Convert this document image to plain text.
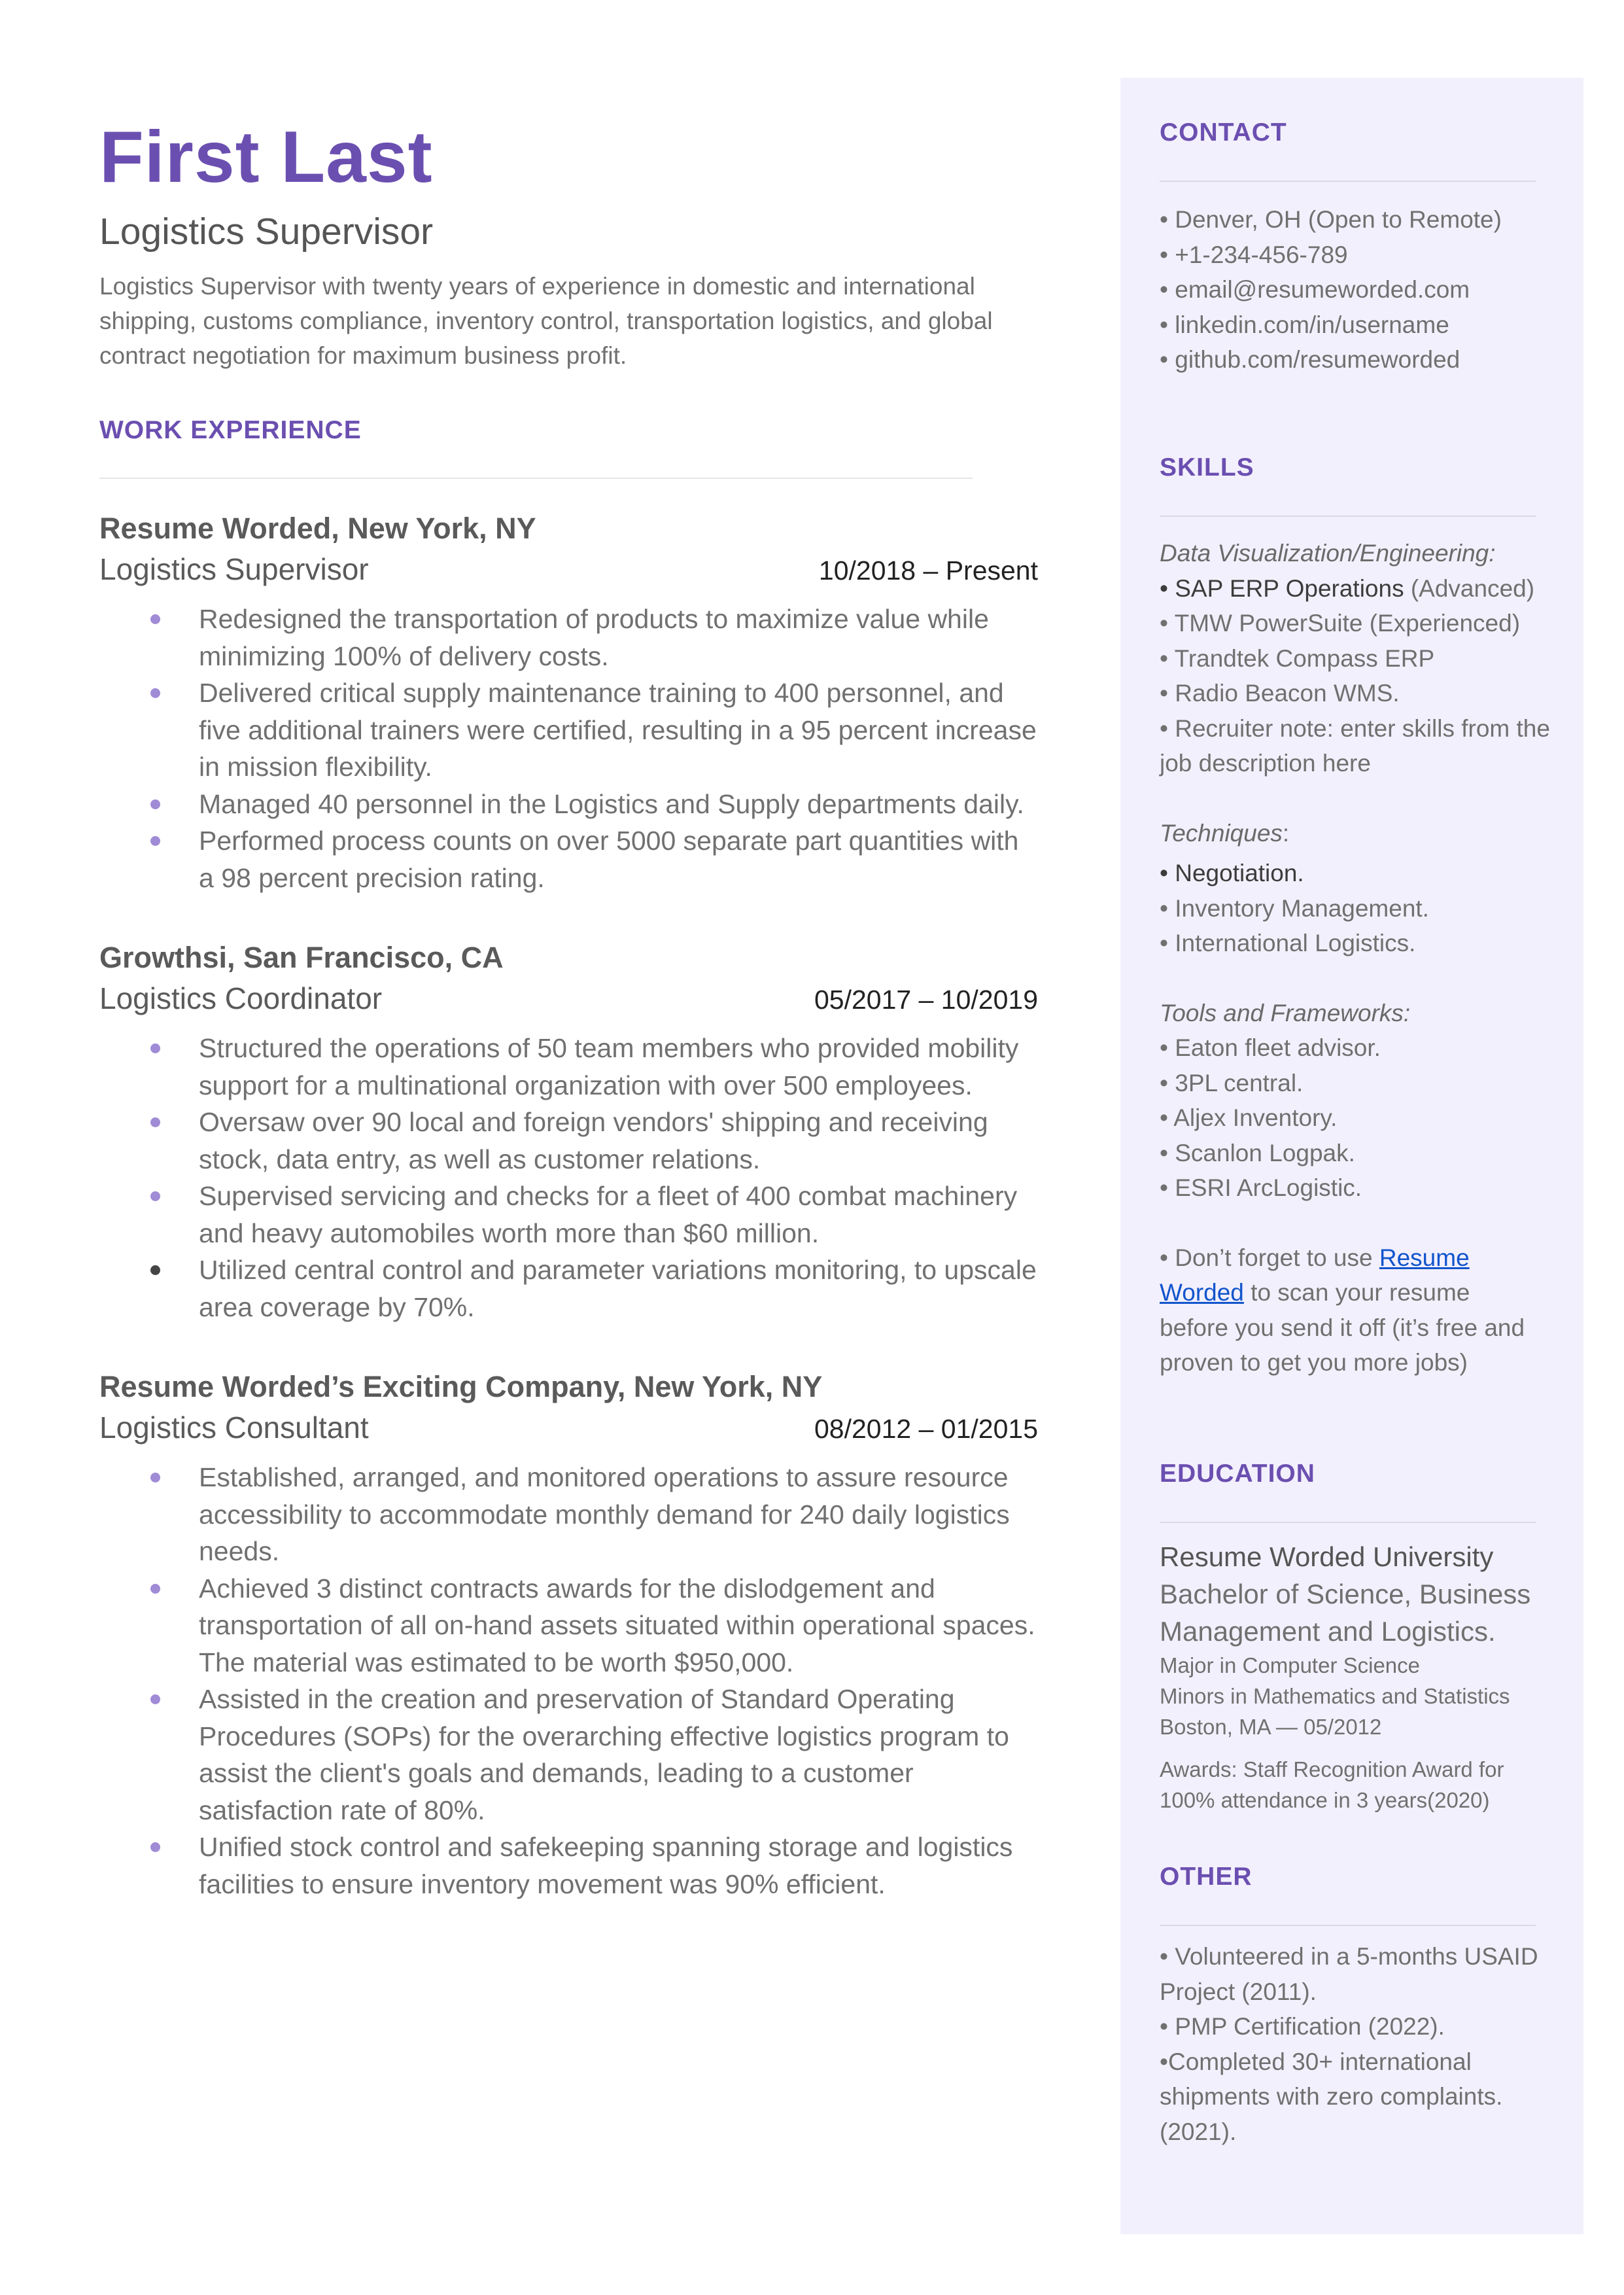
First Last
Logistics Supervisor
Logistics Supervisor with twenty years of experience in domestic and international shipping, customs compliance, inventory control, transportation logistics, and global contract negotiation for maximum business profit.
WORK EXPERIENCE
Resume Worded, New York, NY
Logistics Supervisor	10/2018 – Present
Redesigned the transportation of products to maximize value while minimizing 100% of delivery costs.
Delivered critical supply maintenance training to 400 personnel, and five additional trainers were certified, resulting in a 95 percent increase in mission flexibility.
Managed 40 personnel in the Logistics and Supply departments daily.
Performed process counts on over 5000 separate part quantities with a 98 percent precision rating.
Growthsi, San Francisco, CA
Logistics Coordinator	05/2017 – 10/2019
Structured the operations of 50 team members who provided mobility support for a multinational organization with over 500 employees.
Oversaw over 90 local and foreign vendors' shipping and receiving stock, data entry, as well as customer relations.
Supervised servicing and checks for a fleet of 400 combat machinery and heavy automobiles worth more than $60 million.
Utilized central control and parameter variations monitoring, to upscale area coverage by 70%.
Resume Worded’s Exciting Company, New York, NY
Logistics Consultant	08/2012 – 01/2015
Established, arranged, and monitored operations to assure resource accessibility to accommodate monthly demand for 240 daily logistics needs.
Achieved 3 distinct contracts awards for the dislodgement and transportation of all on-hand assets situated within operational spaces. The material was estimated to be worth $950,000.
Assisted in the creation and preservation of Standard Operating Procedures (SOPs) for the overarching effective logistics program to assist the client's goals and demands, leading to a customer satisfaction rate of 80%.
Unified stock control and safekeeping spanning storage and logistics facilities to ensure inventory movement was 90% efficient.
CONTACT
• Denver, OH (Open to Remote)
• +1-234-456-789
• email@resumeworded.com
• linkedin.com/in/username
• github.com/resumeworded
SKILLS
Data Visualization/Engineering:
• SAP ERP Operations (Advanced)
• TMW PowerSuite (Experienced)
• Trandtek Compass ERP
• Radio Beacon WMS.
• Recruiter note: enter skills from the job description here
Techniques:
• Negotiation.
• Inventory Management.
• International Logistics.
Tools and Frameworks:
• Eaton fleet advisor.
• 3PL central.
• Aljex Inventory.
• Scanlon Logpak.
• ESRI ArcLogistic.
• Don’t forget to use Resume Worded to scan your resume before you send it off (it’s free and proven to get you more jobs)
EDUCATION
Resume Worded University
Bachelor of Science, Business Management and Logistics.
Major in Computer Science
Minors in Mathematics and Statistics
Boston, MA — 05/2012
Awards: Staff Recognition Award for 100% attendance in 3 years(2020)
OTHER
• Volunteered in a 5-months USAID Project (2011).
• PMP Certification (2022).
•Completed 30+ international shipments with zero complaints. (2021).
